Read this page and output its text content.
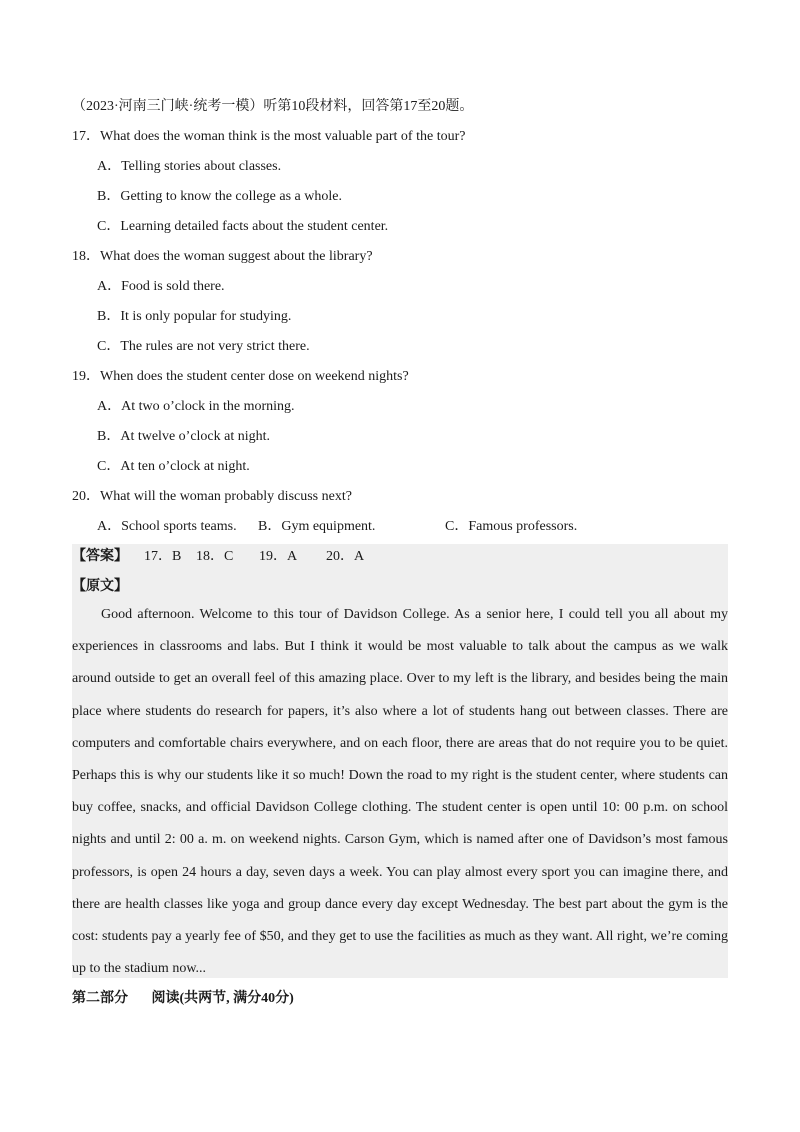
（2023·河南三门峡·统考一模）听第10段材料，回答第17至20题。
17．What does the woman think is the most valuable part of the tour?
A．Telling stories about classes.
B．Getting to know the college as a whole.
C．Learning detailed facts about the student center.
18．What does the woman suggest about the library?
A．Food is sold there.
B．It is only popular for studying.
C．The rules are not very strict there.
19．When does the student center dose on weekend nights?
A．At two o’clock in the morning.
B．At twelve o’clock at night.
C．At ten o’clock at night.
20．What will the woman probably discuss next?
A．School sports teams. B．Gym equipment.	C．Famous professors.
【答案】 17．B 18．C 19．A 20．A
【原文】
Good afternoon. Welcome to this tour of Davidson College. As a senior here, I could tell you all about my experiences in classrooms and labs. But I think it would be most valuable to talk about the campus as we walk around outside to get an overall feel of this amazing place. Over to my left is the library, and besides being the main place where students do research for papers, it’s also where a lot of students hang out between classes. There are computers and comfortable chairs everywhere, and on each floor, there are areas that do not require you to be quiet. Perhaps this is why our students like it so much! Down the road to my right is the student center, where students can buy coffee, snacks, and official Davidson College clothing. The student center is open until 10: 00 p.m. on school nights and until 2: 00 a. m. on weekend nights. Carson Gym, which is named after one of Davidson’s most famous professors, is open 24 hours a day, seven days a week. You can play almost every sport you can imagine there, and there are health classes like yoga and group dance every day except Wednesday. The best part about the gym is the cost: students pay a yearly fee of $50, and they get to use the facilities as much as they want. All right, we’re coming up to the stadium now...
第二部分 阅读(共两节, 满分40分)
